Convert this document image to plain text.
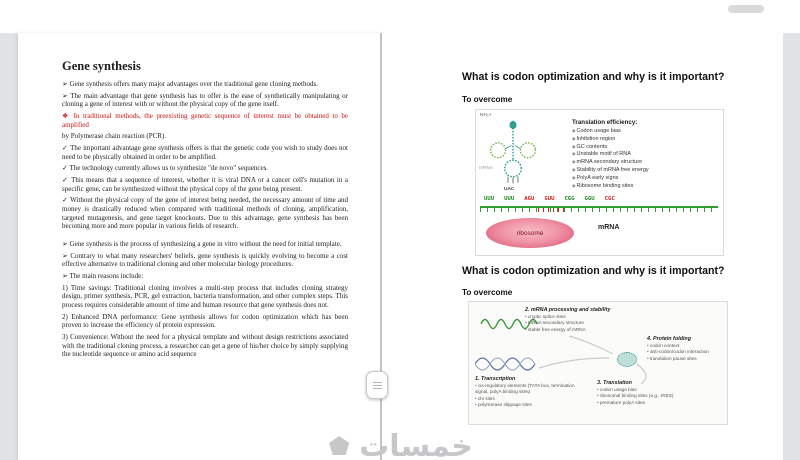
Gene synthesis

➢ Gene synthesis offers many major advantages over the traditional gene cloning methods.

➢ The main advantage that gene synthesis has to offer is the ease of synthetically manipulating or cloning a gene of interest with or without the physical copy of the gene itself.

❖ In traditional methods, the preexisting genetic sequence of interest must be obtained to be amplified

by Polymerase chain reaction (PCR).

✓ The important advantage gene synthesis offers is that the genetic code you wish to study does not need to be physically obtained in order to be amplified.

✓ The technology currently allows us to synthesize "de novo" sequences.

✓ This means that a sequence of interest, whether it is viral DNA or a cancer cell's mutation in a specific gene, can be synthesized without the physical copy of the gene being present.

✓ Without the physical copy of the gene of interest being needed, the necessary amount of time and money is drastically reduced when compared with traditional methods of cloning, amplification, targeted mutagenesis, and gene target knockouts. Due to this advantage, gene synthesis has been becoming more and more popular in various fields of research.

➢ Gene synthesis is the process of synthesizing a gene in vitro without the need for initial template.

➢ Contrary to what many researchers' beliefs, gene synthesis is quickly evolving to become a cost effective alternative to traditional cloning and other molecular biology procedures.

➢ The main reasons include:

1) Time savings: Traditional cloning involves a multi-step process that includes cloning strategy design, primer synthesis, PCR, gel extraction, bacteria transformation, and other complex steps. This process requires considerable amount of time and human resource that gene synthesis does not.

2) Enhanced DNA performance: Gene synthesis allows for codon optimization which has been proven to increase the efficiency of protein expression.

3) Convenience: Without the need for a physical template and without design restrictions associated with the traditional cloning process, a researcher can get a gene of his/her choice by simply supplying the nucleotide sequence or amino acid sequence

What is codon optimization and why is it important?
To overcome
NH₂+
mRNA
Translation efficiency:
◆ Codon usage bias
◆ Inhibition region
◆ GC contents
◆ Unstable motif of RNA
◆ mRNA secondary structure
◆ Stability of mRNA free energy
◆ PolyA early signs
◆ Ribosome binding sites
UAC
UUU UUU AGU GUU CGG GGU CGC
ribosome
mRNA
What is codon optimization and why is it important?
To overcome
2. mRNA processing and stability
• cryptic splice sites
• mRNA secondary structure
• stable free energy of mRNA
4. Protein folding
• codon context
• anti-codon/codon interaction
• translation pause sites
1. Transcription
• cis-regulatory elements (TATA box, termination signal, polyA binding sites)
• chi sites
• polymerase slippage sites
3. Translation
• codon usage bias
• ribosomal binding sites (e.g., IRES)
• premature polyA sites
خمسات
